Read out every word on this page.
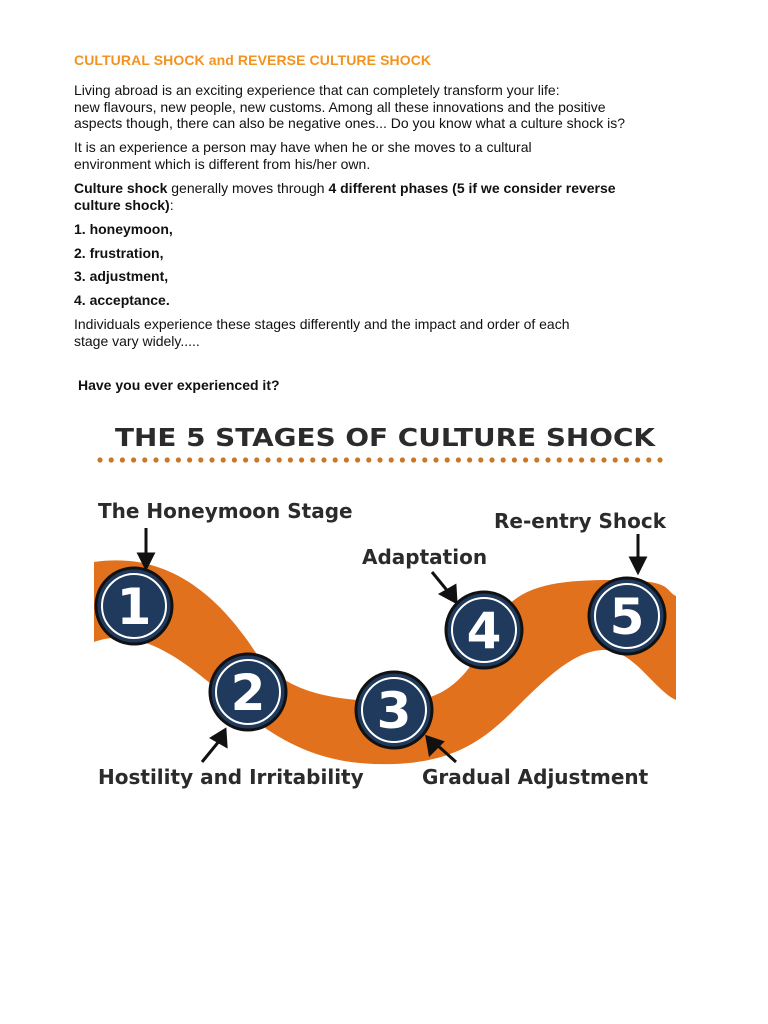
CULTURAL SHOCK and REVERSE CULTURE SHOCK

Living abroad is an exciting experience that can completely transform your life:
new flavours, new people, new customs. Among all these innovations and the positive
aspects though, there can also be negative ones... Do you know what a culture shock is?

It is an experience a person may have when he or she moves to a cultural
environment which is different from his/her own.

Culture shock generally moves through 4 different phases (5 if we consider reverse
culture shock):

1. honeymoon,
2. frustration,
3. adjustment,
4. acceptance.

Individuals experience these stages differently and the impact and order of each
stage vary widely.....

Have you ever experienced it?
THE 5 STAGES OF CULTURE SHOCK
1
2 3
4 5
The Honeymoon Stage
Adaptation
Re-entry Shock
Hostility and Irritability	Gradual Adjustment
